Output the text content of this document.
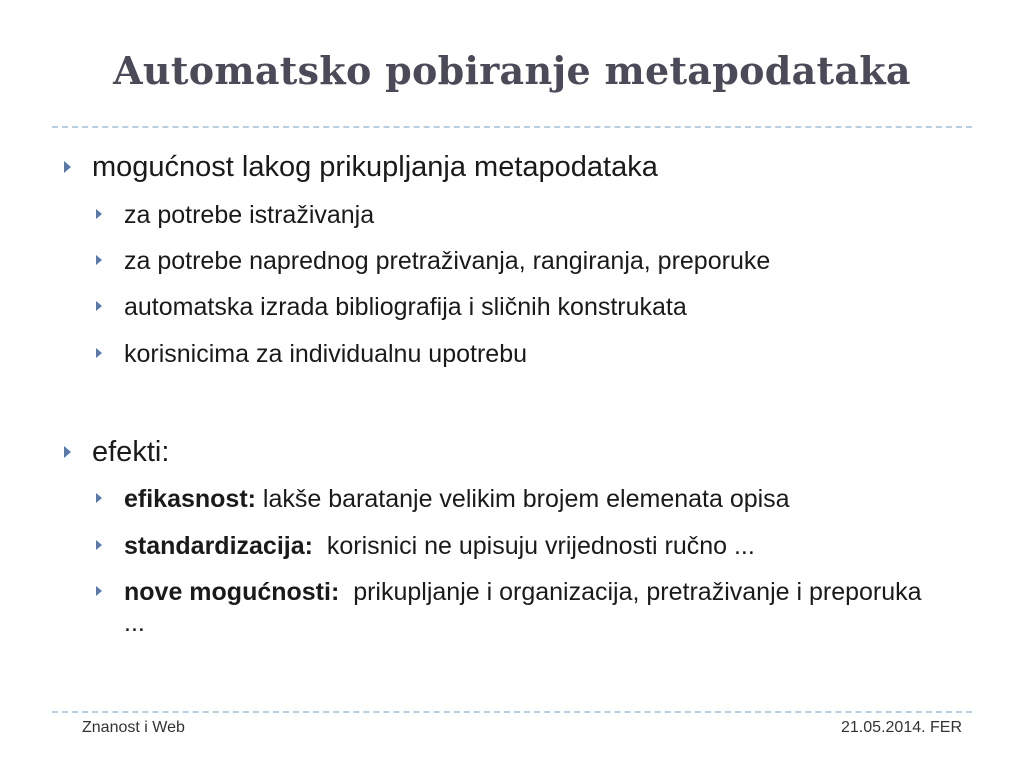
Automatsko pobiranje metapodataka
mogućnost lakog prikupljanja metapodataka
za potrebe istraživanja
za potrebe naprednog pretraživanja, rangiranja, preporuke
automatska izrada bibliografija i sličnih konstrukata
korisnicima za individualnu upotrebu
efekti:
efikasnost: lakše baratanje velikim brojem elemenata opisa
standardizacija:  korisnici ne upisuju vrijednosti ručno ...
nove mogućnosti:  prikupljanje i organizacija, pretraživanje i preporuka ...
Znanost i Web	21.05.2014. FER
